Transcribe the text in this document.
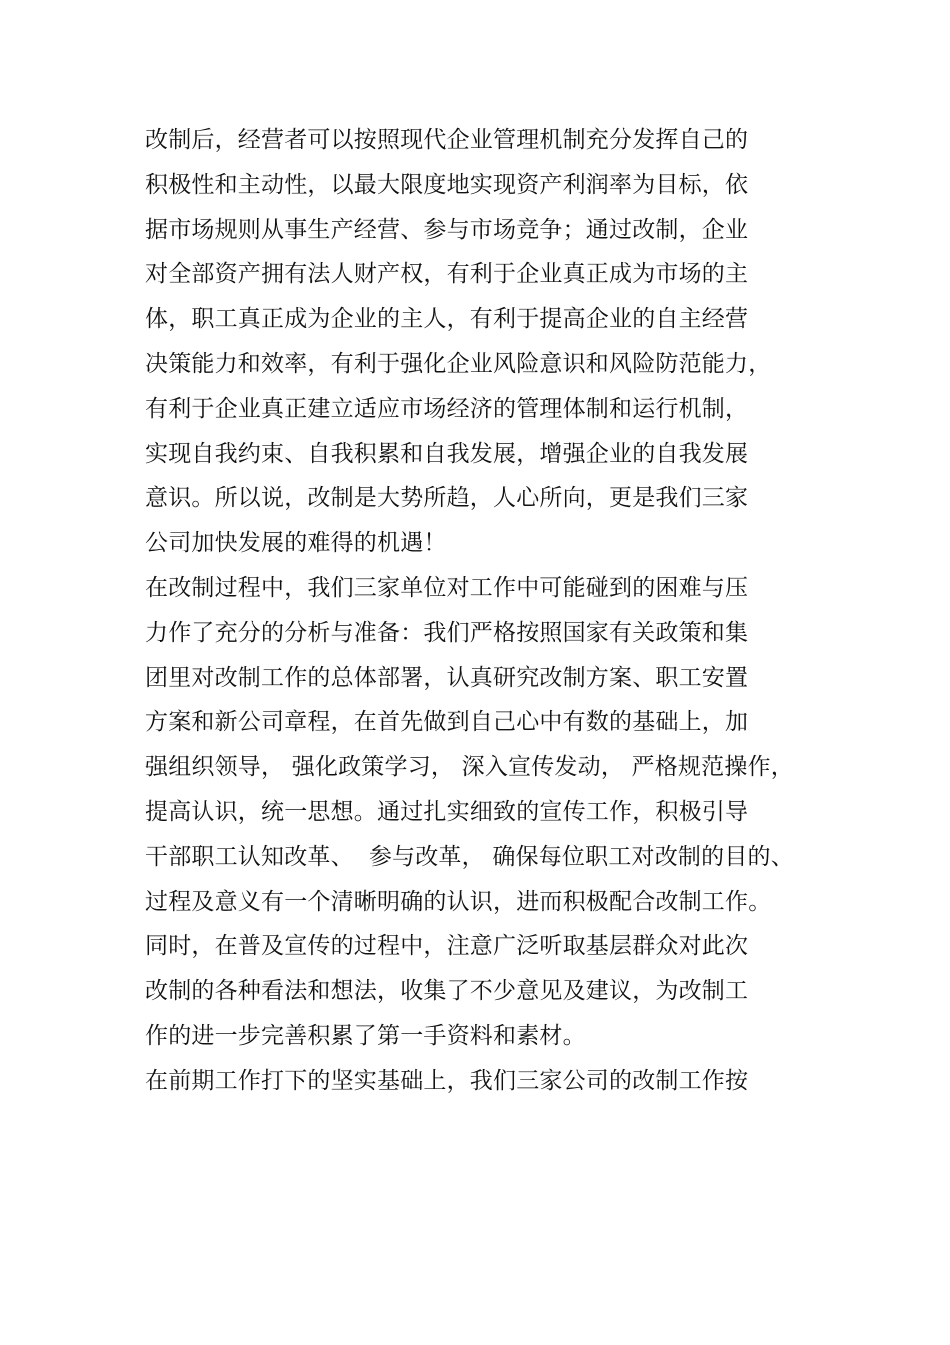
改制后，经营者可以按照现代企业管理机制充分发挥自己的
积极性和主动性，以最大限度地实现资产利润率为目标，依
据市场规则从事生产经营、参与市场竞争；通过改制，企业
对全部资产拥有法人财产权，有利于企业真正成为市场的主
体，职工真正成为企业的主人，有利于提高企业的自主经营
决策能力和效率，有利于强化企业风险意识和风险防范能力，
有利于企业真正建立适应市场经济的管理体制和运行机制，
实现自我约束、自我积累和自我发展，增强企业的自我发展
意识。所以说，改制是大势所趋，人心所向，更是我们三家
公司加快发展的难得的机遇！
在改制过程中，我们三家单位对工作中可能碰到的困难与压
力作了充分的分析与准备：我们严格按照国家有关政策和集
团里对改制工作的总体部署，认真研究改制方案、职工安置
方案和新公司章程，在首先做到自己心中有数的基础上，加
强组织领导， 强化政策学习， 深入宣传发动， 严格规范操作，
提高认识，统一思想。通过扎实细致的宣传工作，积极引导
干部职工认知改革、  参与改革， 确保每位职工对改制的目的、
过程及意义有一个清晰明确的认识，进而积极配合改制工作。
同时，在普及宣传的过程中，注意广泛听取基层群众对此次
改制的各种看法和想法，收集了不少意见及建议，为改制工
作的进一步完善积累了第一手资料和素材。
在前期工作打下的坚实基础上，我们三家公司的改制工作按
